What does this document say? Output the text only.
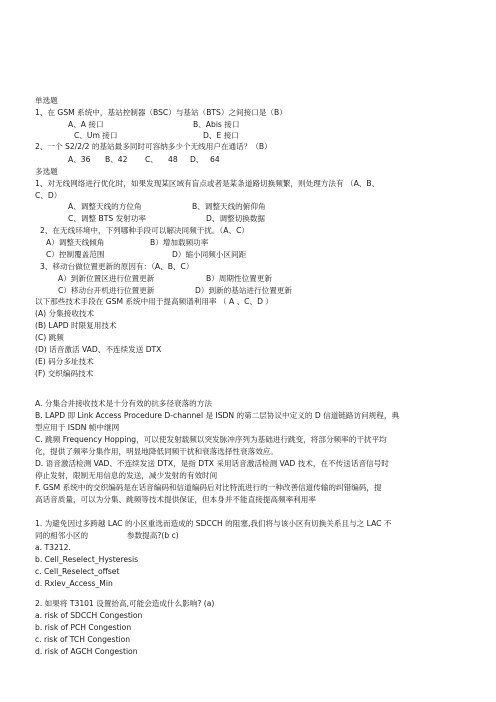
单选题
1、在 GSM 系统中，基站控制器（BSC）与基站（BTS）之间接口是（B）
A、A 接口	B、Abis 接口
C、Um 接口	D、E 接口
2、一个 S2/2/2 的基站最多同时可容纳多少个无线用户在通话？（B）
A、36 B、42 C、 48 D、 64
多选题
1、对无线网络进行优化时，如果发现某区域有盲点或者是某条道路切换频繁，则处理方法有 （A、B、
C、D）
A、调整天线的方位角	B、调整天线的俯仰角
C、调整 BTS 发射功率	D、调整切换数据
2、在无线环境中，下列哪种手段可以解决同频干扰。（A、C）
A）调整天线倾角	B）增加载频功率
C）控制覆盖范围	D）缩小同频小区间距
3、移动台做位置更新的原因有：（A、B、C）
A）到新位置区进行位置更新	B）周期性位置更新
C）移动台开机进行位置更新	D）到新的基站进行位置更新
以下那些技术手段在 GSM 系统中用于提高频谱利用率 （ A 、C、D ）
(A) 分集接收技术
(B) LAPD 时限复用技术
(C) 跳频
(D) 话音激活 VAD、不连续发送 DTX
(E) 码分多址技术
(F) 交织编码技术
A. 分集合并接收技术是十分有效的抗多径衰落的方法
B. LAPD 即 Link Access Procedure D-channel 是 ISDN 的第二层协议中定义的 D 信道链路访问规程，典
型应用于 ISDN 帧中继网
C. 跳频 Frequency Hopping，可以使发射载频以突发脉冲序列为基础进行跳变，将部分频率的干扰平均
化，提供了频率分集作用，明显地降低同频干扰和衰落选择性衰落效应。
D. 语音激活检测 VAD、不连续发送 DTX，是指 DTX 采用话音激活检测 VAD 技术，在不传送话音信号时
停止发射，限制无用信息的发送，减少发射的有效时间
F. GSM 系统中的交织编码是在话音编码和信道编码后对比特流进行的一种改善信道传输的纠错编码，提
高话音质量，可以为分集、跳频等技术提供保证，但本身并不能直接提高频率利用率
1. 为避免因过多跨越 LAC 的小区重选而造成的 SDCCH 的阻塞,我们将与该小区有切换关系且与之 LAC 不
同的相邻小区的	参数提高?(b c)
a. T3212.
b. Cell_Reselect_Hysteresis
c. Cell_Reselect_offset
d. Rxlev_Access_Min
2. 如果将 T3101 设置抬高,可能会造成什么影响? (a)
a. risk of SDCCH Congestion
b. risk of PCH Congestion
c. risk of TCH Congestion
d. risk of AGCH Congestion
